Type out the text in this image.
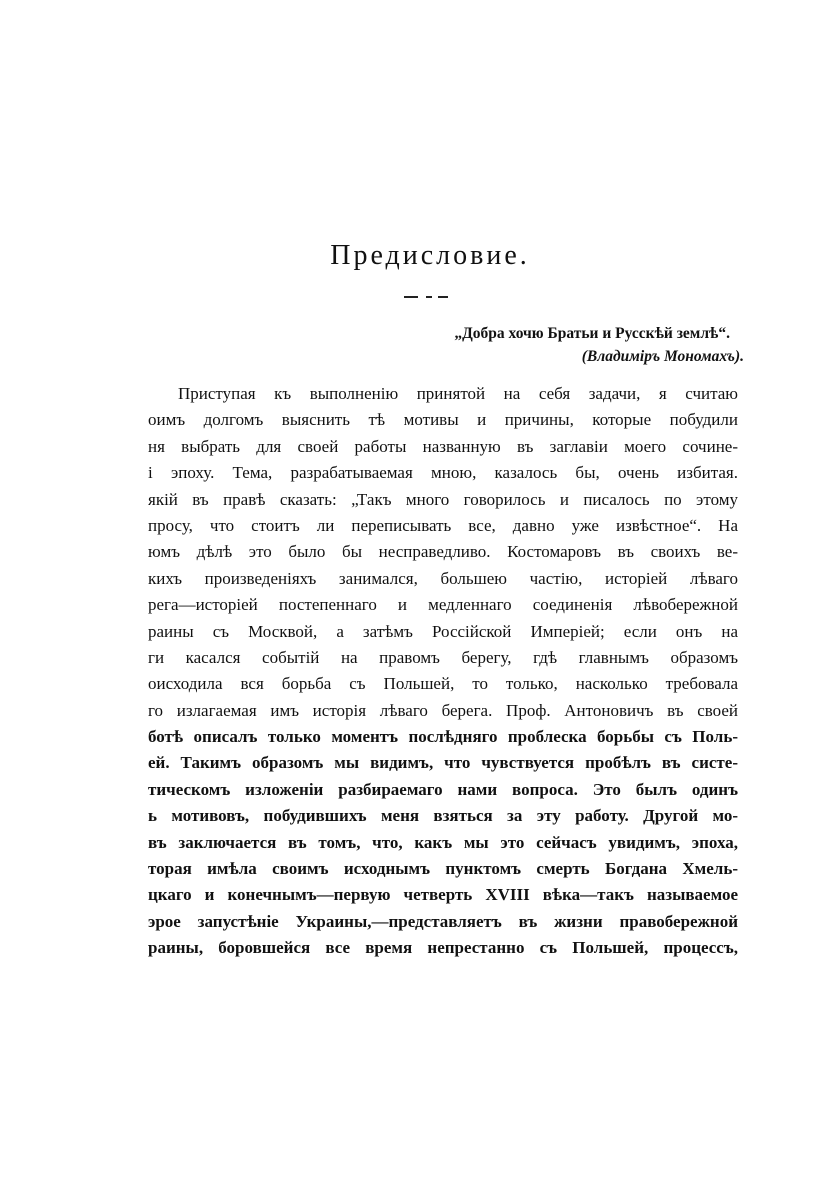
Предисловие.
„Добра хочю Братьи и Русскѣй землѣ“.
(Владимiръ Мономахъ).
Приступая къ выполненію принятой на себя задачи, я считаю
оимъ долгомъ выяснить тѣ мотивы и причины, которые побудили
ня выбрать для своей работы названную въ заглавіи моего сочине-
і эпоху. Тема, разрабатываемая мною, казалось бы, очень избитая.
якій въ правѣ сказать: „Такъ много говорилось и писалось по этому
просу, что стоитъ ли переписывать все, давно уже извѣстное“. На
юмъ дѣлѣ это было бы несправедливо. Костомаровъ въ своихъ ве-
кихъ произведеніяхъ занимался, большею частію, исторіей лѣваго
рега—исторіей постепеннаго и медленнаго соединенія лѣвобережной
раины съ Москвой, а затѣмъ Россійской Имперіей; если онъ на
ги касался событій на правомъ берегу, гдѣ главнымъ образомъ
оисходила вся борьба съ Польшей, то только, насколько требовала
го излагаемая имъ исторія лѣваго берега. Проф. Антоновичъ въ своей
ботѣ описалъ только моментъ послѣдняго проблеска борьбы съ Поль-
ей. Такимъ образомъ мы видимъ, что чувствуется пробѣлъ въ систе-
тическомъ изложеніи разбираемаго нами вопроса. Это былъ одинъ
ь мотивовъ, побудившихъ меня взяться за эту работу. Другой мо-
въ заключается въ томъ, что, какъ мы это сейчасъ увидимъ, эпоха,
торая имѣла своимъ исходнымъ пунктомъ смерть Богдана Хмель-
цкаго и конечнымъ—первую четверть XVIII вѣка—такъ называемое
эрое запустѣніе Украины,—представляетъ въ жизни правобережной
раины, боровшейся все время непрестанно съ Польшей, процессъ,
